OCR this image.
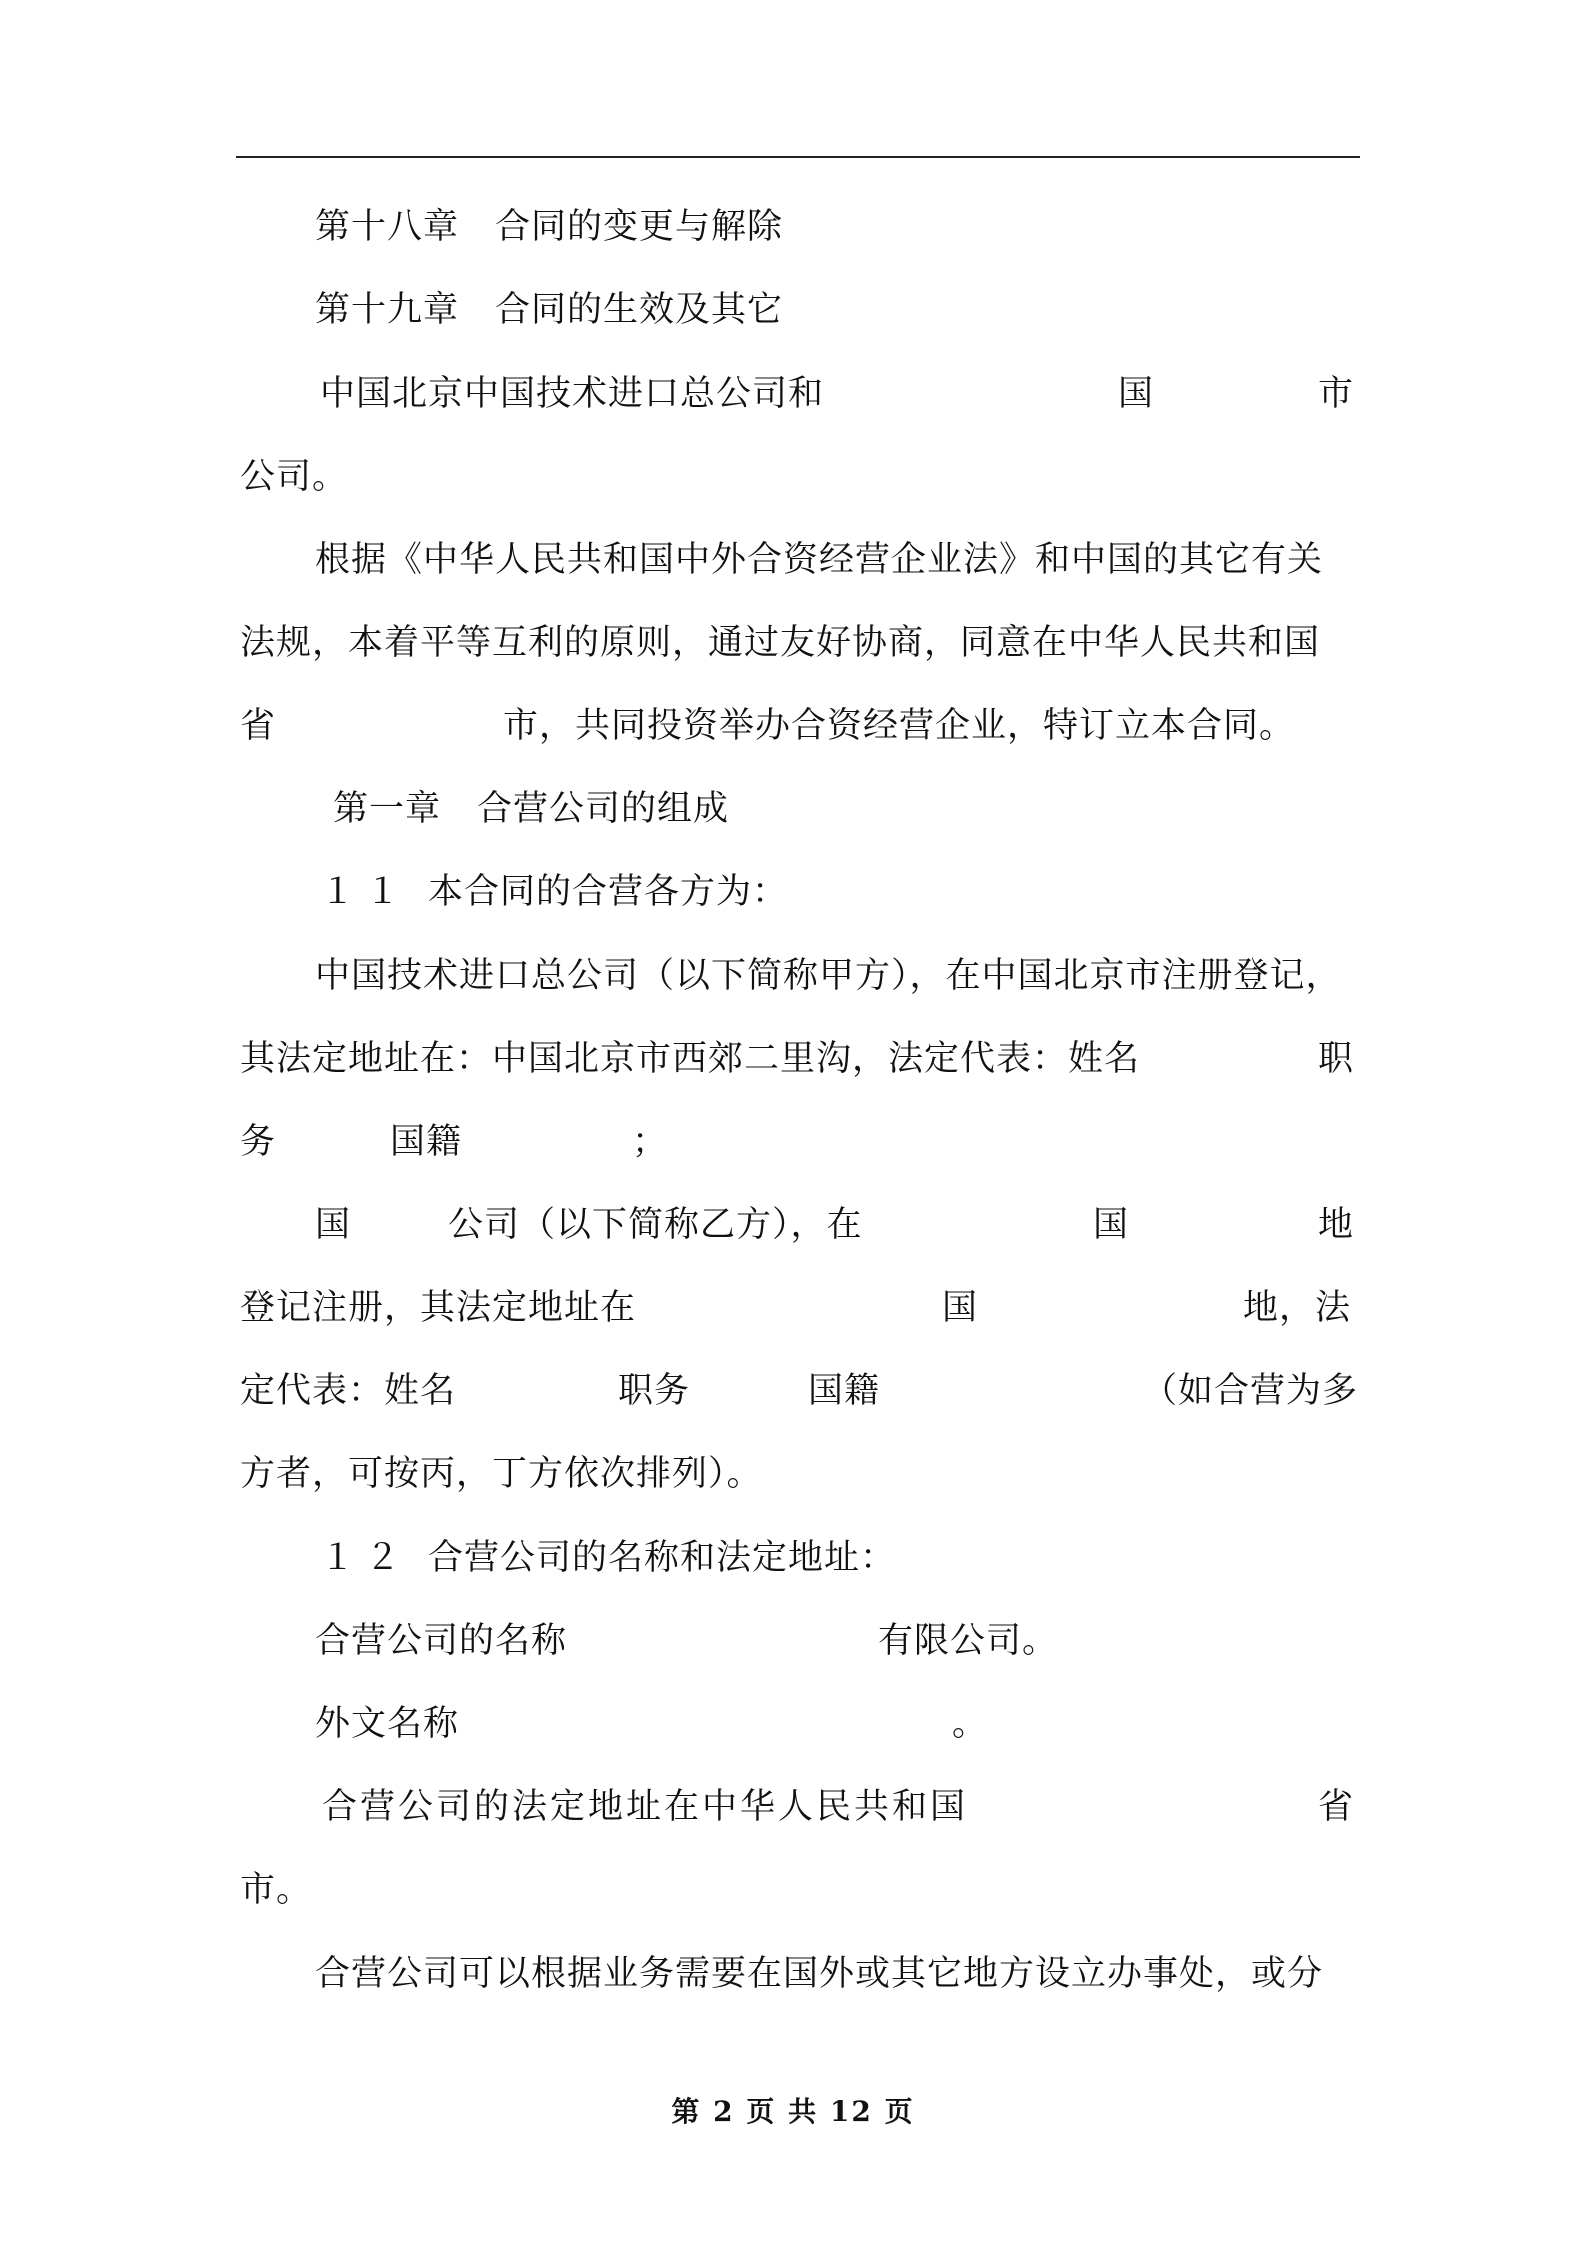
第十八章　合同的变更与解除
第十九章　合同的生效及其它
中国北京中国技术进口总公司和	国	市
公司。
根据《中华人民共和国中外合资经营企业法》和中国的其它有关
法规，本着平等互利的原则，通过友好协商，同意在中华人民共和国
省	市，共同投资举办合资经营企业，特订立本合同。
第一章　合营公司的组成
１１ 本合同的合营各方为：
中国技术进口总公司（以下简称甲方），在中国北京市注册登记，
其法定地址在：中国北京市西郊二里沟，法定代表：姓名	职
务	国籍	；
国	公司（以下简称乙方），在	国	地
登记注册，其法定地址在	国	地，法
定代表：姓名	职务	国籍	（如合营为多
方者，可按丙，丁方依次排列）。
１２ 合营公司的名称和法定地址：
合营公司的名称	有限公司。
外文名称	。
合营公司的法定地址在中华人民共和国	省
市。
合营公司可以根据业务需要在国外或其它地方设立办事处，或分
第 2 页 共 12 页
